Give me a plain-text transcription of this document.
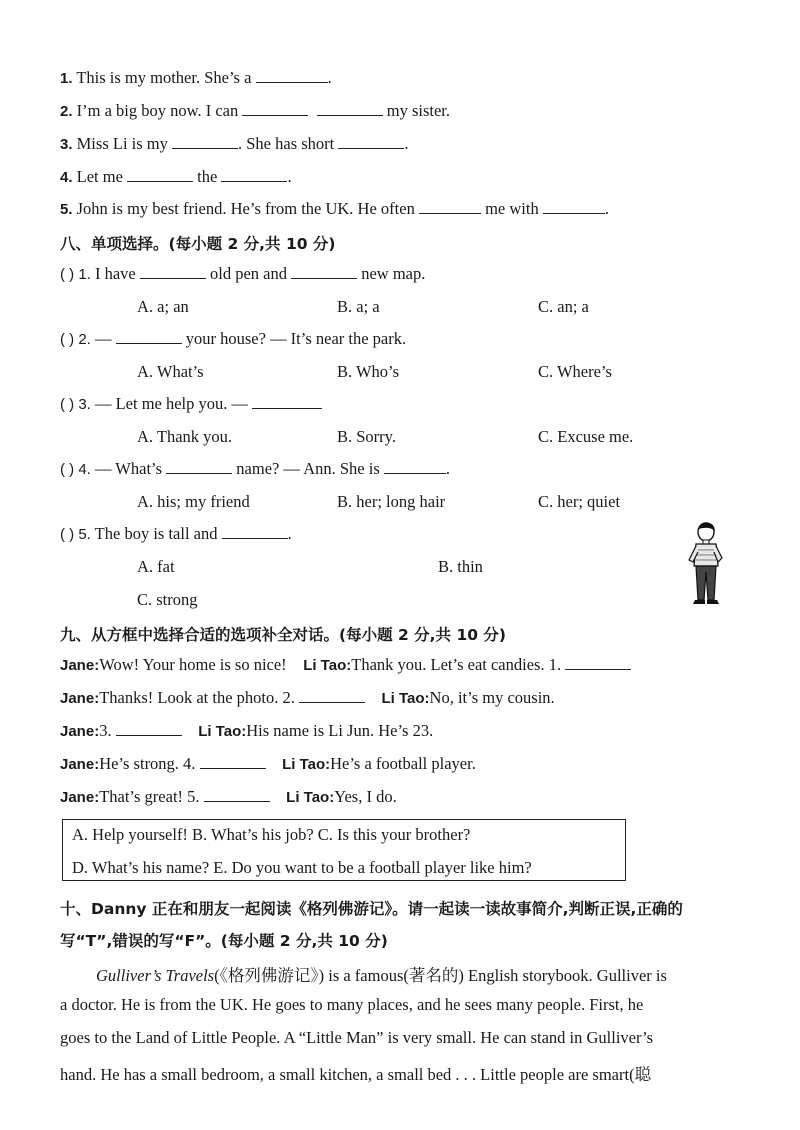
1. This is my mother. She’s a	.
2. I’m a big boy now. I can	my sister.
3. Miss Li is my	. She has short	.
4. Let me	the	.
5. John is my best friend. He’s from the UK. He often	me with	.
八、单项选择。(每小题 2 分,共 10 分)
( ) 1. I have	old pen and	new map.
A. a; an	B. a; a	C. an; a
( ) 2. —	your house? — It’s near the park.
A. What’s	B. Who’s	C. Where’s
( ) 3. — Let me help you. —
A. Thank you.	B. Sorry.	C. Excuse me.
( ) 4. — What’s	name? — Ann. She is	.
A. his; my friend	B. her; long hair	C. her; quiet
( ) 5. The boy is tall and	.
A. fat	B. thin
C. strong
九、从方框中选择合适的选项补全对话。(每小题 2 分,共 10 分)
Jane:Wow! Your home is so nice! Li Tao:Thank you. Let’s eat candies. 1.
Jane:Thanks! Look at the photo. 2.	Li Tao:No, it’s my cousin.
Jane:3.	Li Tao:His name is Li Jun. He’s 23.
Jane:He’s strong. 4.	Li Tao:He’s a football player.
Jane:That’s great! 5.	Li Tao:Yes, I do.
A. Help yourself! B. What’s his job? C. Is this your brother?
D. What’s his name? E. Do you want to be a football player like him?
十、Danny 正在和朋友一起阅读《格列佛游记》。请一起读一读故事简介,判断正误,正确的
写“T”,错误的写“F”。(每小题 2 分,共 10 分)
Gulliver’s Travels(《格列佛游记》) is a famous(著名的) English storybook. Gulliver is
a doctor. He is from the UK. He goes to many places, and he sees many people. First, he
goes to the Land of Little People. A “Little Man” is very small. He can stand in Gulliver’s
hand. He has a small bedroom, a small kitchen, a small bed . . . Little people are smart(聪
